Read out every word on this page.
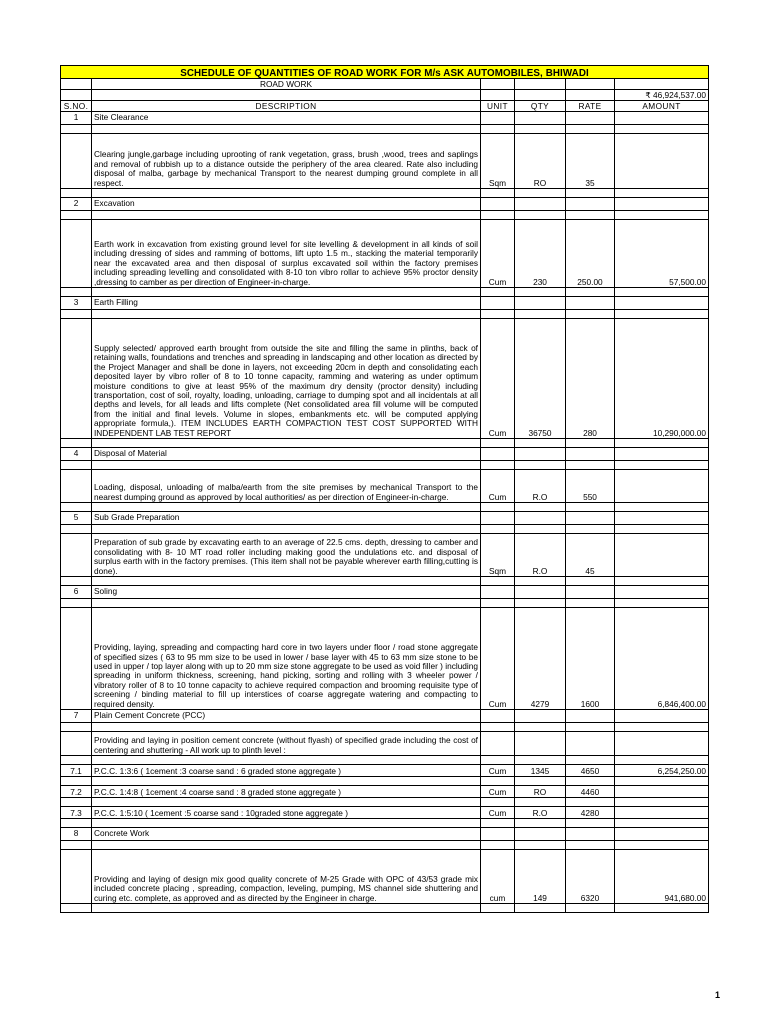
SCHEDULE OF QUANTITIES OF ROAD WORK FOR M/s ASK AUTOMOBILES, BHIWADI					
	ROAD WORK				
					₹ 46,924,537.00
S.NO.	DESCRIPTION	UNIT	QTY	RATE	AMOUNT
1	Site Clearance				

	Clearing jungle,garbage including uprooting of rank vegetation, grass, brush ,wood, trees and saplings and removal of rubbish up to a distance outside the periphery of the area cleared. Rate also including disposal of malba, garbage by mechanical Transport to the nearest dumping ground complete in all respect.	Sqm	RO	35	

2	Excavation				

	Earth work in excavation from existing ground level for site levelling & development in all kinds of soil including dressing of sides and ramming of bottoms, lift upto 1.5 m., stacking the material temporarily near the excavated area and then disposal of surplus excavated soil within the factory premises including spreading levelling and consolidated with 8-10 ton vibro rollar to achieve 95% proctor density ,dressing to camber as per direction of Engineer-in-charge.	Cum	230	250.00	57,500.00

3	Earth Filling				

	Supply selected/ approved earth brought from outside the site and filling the same in plinths, back of retaining walls, foundations and trenches and spreading in landscaping and other location as directed by the Project Manager and shall be done in layers, not exceeding 20cm in depth and consolidating each deposited layer by vibro roller of 8 to 10 tonne capacity, ramming and watering as under optimum moisture conditions to give at least 95% of the maximum dry density (proctor density) including transportation, cost of soil, royalty, loading, unloading, carriage to dumping spot and all incidentals at all depths and levels, for all leads and lifts complete (Net consolidated area fill volume will be computed from the initial and final levels. Volume in slopes, embankments etc. will be computed applying appropriate formula,). ITEM INCLUDES EARTH COMPACTION TEST COST SUPPORTED WITH INDEPENDENT LAB TEST REPORT	Cum	36750	280	10,290,000.00

4	Disposal of Material				

	Loading, disposal, unloading of malba/earth from the site premises by mechanical Transport to the nearest dumping ground as approved by local authorities/ as per direction of Engineer-in-charge.	Cum	R.O	550	

5	Sub Grade Preparation				

	Preparation of sub grade by excavating earth to an average of 22.5 cms. depth, dressing to camber and consolidating with 8- 10 MT road roller including making good the undulations etc. and disposal of surplus earth with in the factory premises. (This item shall not be payable wherever earth filling,cutting is done).	Sqm	R.O	45	

6	Soling				

	Providing, laying, spreading and compacting hard core in two layers under floor / road stone aggregate of specified sizes ( 63 to 95 mm size to be used in lower / base layer with 45 to 63 mm size stone to be used in upper / top layer along with up to 20 mm size stone aggregate to be used as void filler ) including spreading in uniform thickness, screening, hand picking, sorting and rolling with 3 wheeler power / vibratory roller of 8 to 10 tonne capacity to achieve required compaction and brooming requisite type of screening / binding material to fill up interstices of coarse aggregate watering and compacting to required density.	Cum	4279	1600	6,846,400.00
7	Plain Cement Concrete (PCC)				

	Providing and laying in position cement concrete (without flyash) of specified grade including the cost of centering and shuttering - All work up to plinth level :				

7.1	P.C.C. 1:3:6 ( 1cement :3 coarse sand : 6 graded stone aggregate )	Cum	1345	4650	6,254,250.00

7.2	P.C.C. 1:4:8 ( 1cement :4 coarse sand : 8 graded stone aggregate )	Cum	RO	4460	

7.3	P.C.C. 1:5:10 ( 1cement :5 coarse sand : 10graded stone aggregate )	Cum	R.O	4280	

8	Concrete Work				

	Providing and laying of design mix good quality concrete of M-25 Grade with OPC of 43/53 grade mix included concrete placing , spreading, compaction, leveling, pumping, MS channel side shuttering and curing etc. complete, as approved and as directed by the Engineer in charge.	cum	149	6320	941,680.00

1
